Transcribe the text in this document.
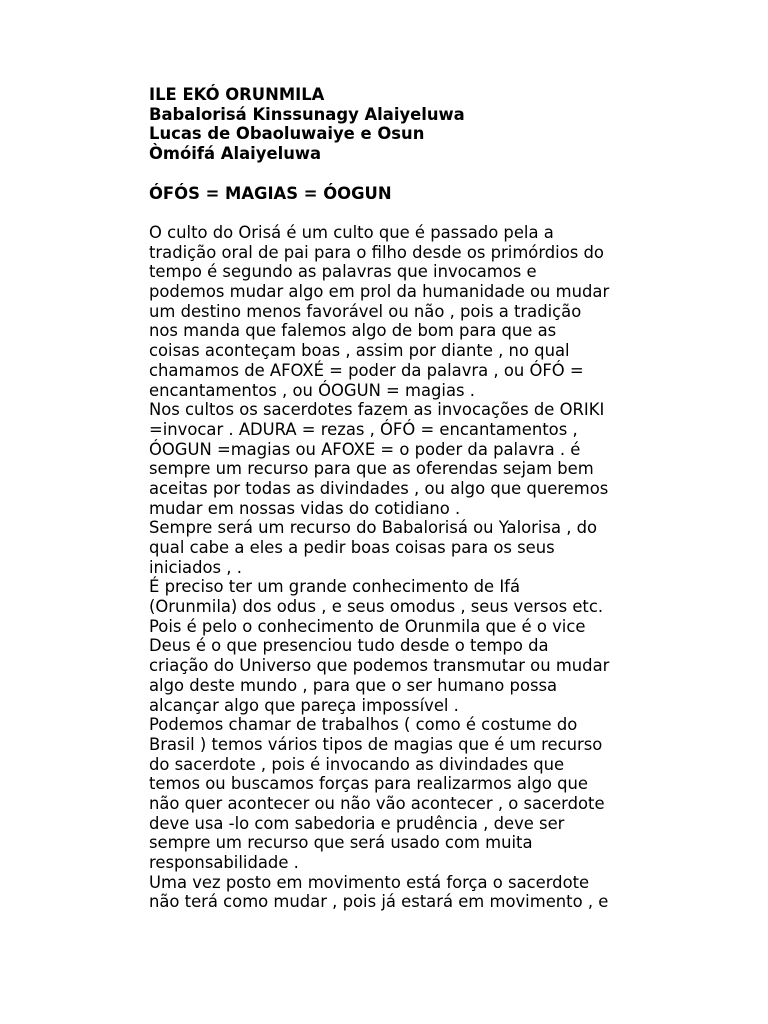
ILE EKÓ ORUNMILA
Babalorisá Kinssunagy Alaiyeluwa
Lucas de Obaoluwaiye e Osun
Òmóifá Alaiyeluwa
ÓFÓS = MAGIAS = ÓOGUN
O culto do Orisá é um culto que é passado pela a
tradição oral de pai para o filho desde os primórdios do
tempo é segundo as palavras que invocamos e
podemos mudar algo em prol da humanidade ou mudar
um destino menos favorável ou não , pois a tradição
nos manda que falemos algo de bom para que as
coisas aconteçam boas , assim por diante , no qual
chamamos de AFOXÉ = poder da palavra , ou ÓFÓ =
encantamentos , ou ÓOGUN = magias .
Nos cultos os sacerdotes fazem as invocações de ORIKI
=invocar . ADURA = rezas , ÓFÓ = encantamentos ,
ÓOGUN =magias ou AFOXE = o poder da palavra . é
sempre um recurso para que as oferendas sejam bem
aceitas por todas as divindades , ou algo que queremos
mudar em nossas vidas do cotidiano .
Sempre será um recurso do Babalorisá ou Yalorisa , do
qual cabe a eles a pedir boas coisas para os seus
iniciados , .
É preciso ter um grande conhecimento de Ifá
(Orunmila) dos odus , e seus omodus , seus versos etc.
Pois é pelo o conhecimento de Orunmila que é o vice
Deus é o que presenciou tudo desde o tempo da
criação do Universo que podemos transmutar ou mudar
algo deste mundo , para que o ser humano possa
alcançar algo que pareça impossível .
Podemos chamar de trabalhos ( como é costume do
Brasil ) temos vários tipos de magias que é um recurso
do sacerdote , pois é invocando as divindades que
temos ou buscamos forças para realizarmos algo que
não quer acontecer ou não vão acontecer , o sacerdote
deve usa -lo com sabedoria e prudência , deve ser
sempre um recurso que será usado com muita
responsabilidade .
Uma vez posto em movimento está força o sacerdote
não terá como mudar , pois já estará em movimento , e
